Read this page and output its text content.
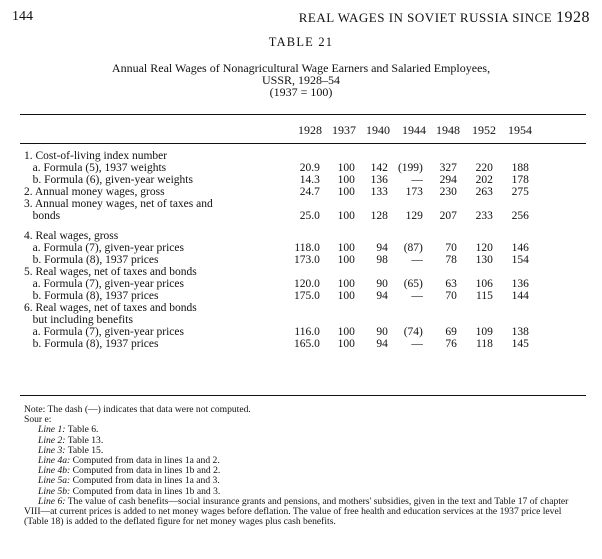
144	REAL WAGES IN SOVIET RUSSIA SINCE 1928
TABLE 21
Annual Real Wages of Nonagricultural Wage Earners and Salaried Employees,
USSR, 1928–54
(1937 = 100)
1928 1937 1940	1944 1948	1952	1954
1. Cost-of-living index number							
a. Formula (5), 1937 weights	20.9	100	142	(199)	327	220	188
b. Formula (6), given-year weights	14.3	100	136	—	294	202	178
2. Annual money wages, gross	24.7	100	133	173	230	263	275
3. Annual money wages, net of taxes and							
bonds	25.0	100	128	129	207	233	256

4. Real wages, gross							
a. Formula (7), given-year prices	118.0	100	94	(87)	70	120	146
b. Formula (8), 1937 prices	173.0	100	98	—	78	130	154
5. Real wages, net of taxes and bonds							
a. Formula (7), given-year prices	120.0	100	90	(65)	63	106	136
b. Formula (8), 1937 prices	175.0	100	94	—	70	115	144
6. Real wages, net of taxes and bonds							
but including benefits							
a. Formula (7), given-year prices	116.0	100	90	(74)	69	109	138
b. Formula (8), 1937 prices	165.0	100	94	—	76	118	145
Note: The dash (—) indicates that data were not computed.
Sour e:
Line 1: Table 6.
Line 2: Table 13.
Line 3: Table 15.
Line 4a: Computed from data in lines 1a and 2.
Line 4b: Computed from data in lines 1b and 2.
Line 5a: Computed from data in lines 1a and 3.
Line 5b: Computed from data in lines 1b and 3.
Line 6: The value of cash benefits—social insurance grants and pensions, and mothers' subsidies, given in the text and Table 17 of chapter VIII—at current prices is added to net money wages before deflation. The value of free health and education services at the 1937 price level (Table 18) is added to the deflated figure for net money wages plus cash benefits.
